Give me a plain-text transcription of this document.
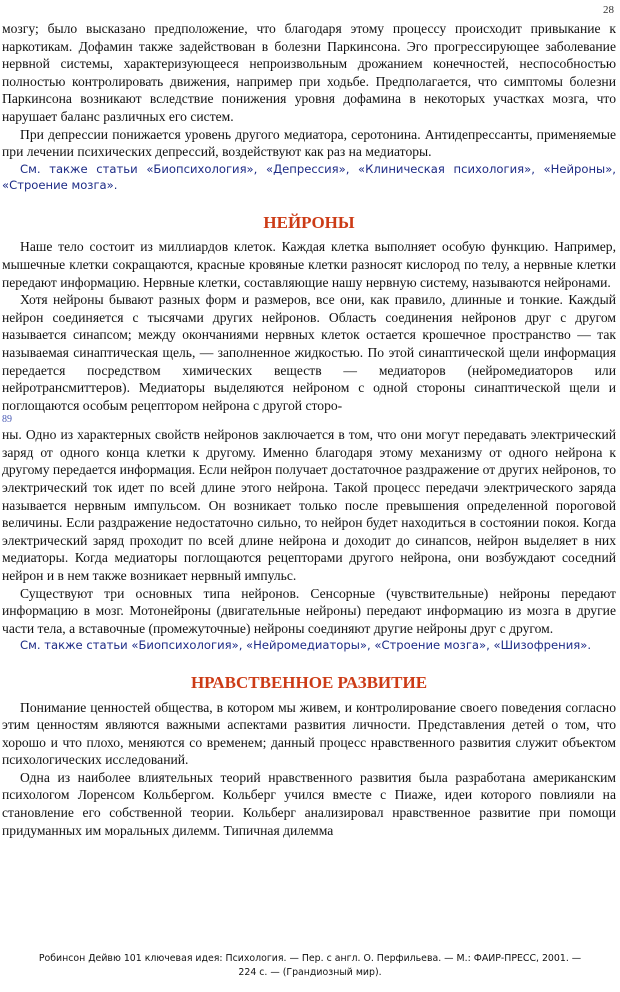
28

мозгу; было высказано предположение, что благодаря этому процессу происходит привыкание к наркотикам. Дофамин также задействован в болезни Паркинсона. Эго прогрессирующее заболевание нервной системы, характеризующееся непроизвольным дрожанием конечностей, неспособностью полностью контролировать движения, например при ходьбе. Предполагается, что симптомы болезни Паркинсона возникают вследствие понижения уровня дофамина в некоторых участках мозга, что нарушает баланс различных его систем.

При депрессии понижается уровень другого медиатора, серотонина. Антидепрессанты, применяемые при лечении психических депрессий, воздействуют как раз на медиаторы.

См. также статьи «Биопсихология», «Депрессия», «Клиническая психология», «Нейроны», «Строение мозга».

НЕЙРОНЫ

Наше тело состоит из миллиардов клеток. Каждая клетка выполняет особую функцию. Например, мышечные клетки сокращаются, красные кровяные клетки разносят кислород по телу, а нервные клетки передают информацию. Нервные клетки, составляющие нашу нервную систему, называются нейронами.

Хотя нейроны бывают разных форм и размеров, все они, как правило, длинные и тонкие. Каждый нейрон соединяется с тысячами других нейронов. Область соединения нейронов друг с другом называется синапсом; между окончаниями нервных клеток остается крошечное пространство — так называемая синаптическая щель, — заполненное жидкостью. По этой синаптической щели информация передается посредством химических веществ — медиаторов (нейромедиаторов или нейротрансмиттеров). Медиаторы выделяются нейроном с одной стороны синаптической щели и поглощаются особым рецептором нейрона с другой сторо-

89

ны. Одно из характерных свойств нейронов заключается в том, что они могут передавать электрический заряд от одного конца клетки к другому. Именно благодаря этому механизму от одного нейрона к другому передается информация. Если нейрон получает достаточное раздражение от других нейронов, то электрический ток идет по всей длине этого нейрона. Такой процесс передачи электрического заряда называется нервным импульсом. Он возникает только после превышения определенной пороговой величины. Если раздражение недостаточно сильно, то нейрон будет находиться в состоянии покоя. Когда электрический заряд проходит по всей длине нейрона и доходит до синапсов, нейрон выделяет в них медиаторы. Когда медиаторы поглощаются рецепторами другого нейрона, они возбуждают соседний нейрон и в нем также возникает нервный импульс.

Существуют три основных типа нейронов. Сенсорные (чувствительные) нейроны передают информацию в мозг. Мотонейроны (двигательные нейроны) передают информацию из мозга в другие части тела, а вставочные (промежуточные) нейроны соединяют другие нейроны друг с другом.

См. также статьи «Биопсихология», «Нейромедиаторы», «Строение мозга», «Шизофрения».

НРАВСТВЕННОЕ РАЗВИТИЕ

Понимание ценностей общества, в котором мы живем, и контролирование своего поведения согласно этим ценностям являются важными аспектами развития личности. Представления детей о том, что хорошо и что плохо, меняются со временем; данный процесс нравственного развития служит объектом психологических исследований.

Одна из наиболее влиятельных теорий нравственного развития была разработана американским психологом Лоренсом Кольбергом. Кольберг учился вместе с Пиаже, идеи которого повлияли на становление его собственной теории. Кольберг анализировал нравственное развитие при помощи придуманных им моральных дилемм. Типичная дилемма

Робинсон Дейвю 101 ключевая идея: Психология. — Пер. с англ. О. Перфильева. — М.: ФАИР-ПРЕСС, 2001. —
224 с. — (Грандиозный мир).
